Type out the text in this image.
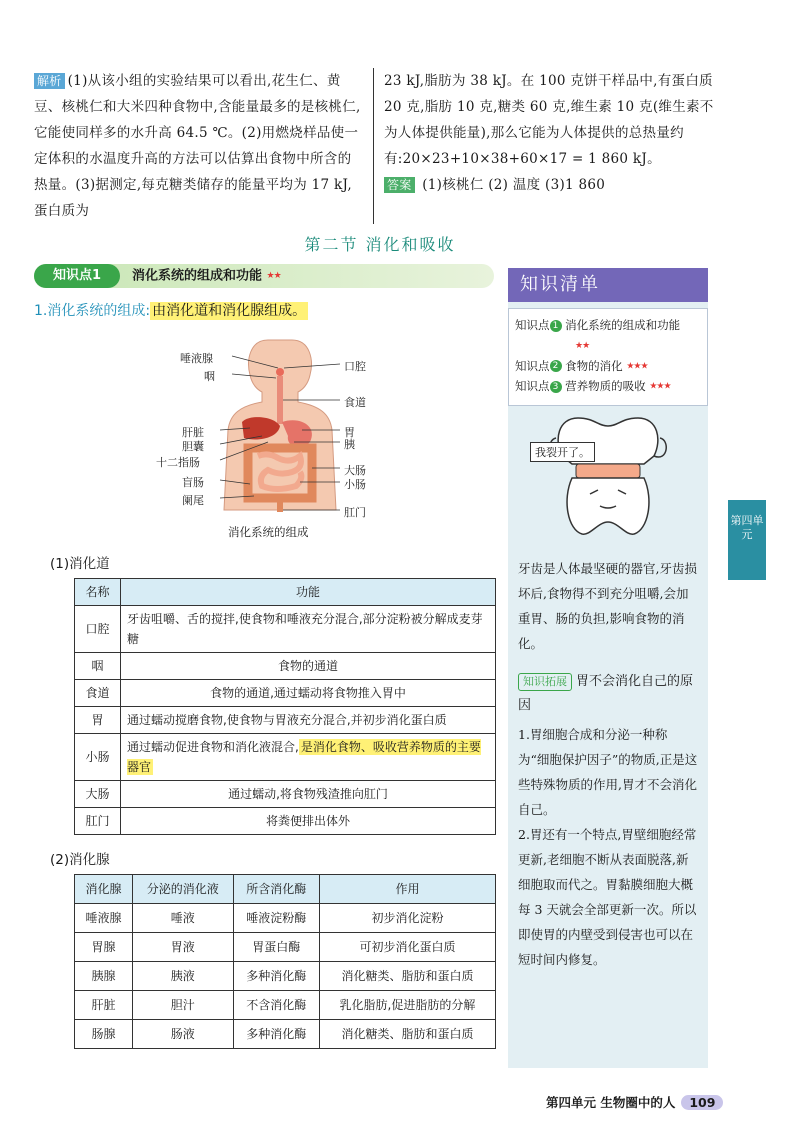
解析 (1)从该小组的实验结果可以看出,花生仁、黄豆、核桃仁和大米四种食物中,含能量最多的是核桃仁,它能使同样多的水升高 64.5 ℃。(2)用燃烧样品使一定体积的水温度升高的方法可以估算出食物中所含的热量。(3)据测定,每克糖类储存的能量平均为 17 kJ,蛋白质为
23 kJ,脂肪为 38 kJ。在 100 克饼干样品中,有蛋白质 20 克,脂肪 10 克,糖类 60 克,维生素 10 克(维生素不为人体提供能量),那么它能为人体提供的总热量约有:20×23+10×38+60×17 = 1 860 kJ。
答案 (1)核桃仁 (2) 温度 (3)1 860
第二节 消化和吸收
知识点1	消化系统的组成和功能 ★★
1.消化系统的组成: 由消化道和消化腺组成。
唾液腺
咽
肝脏
胆囊
十二指肠
盲肠
阑尾
口腔
食道
胃
胰
大肠
小肠
肛门
消化系统的组成
(1)消化道
名称	功能
口腔	牙齿咀嚼、舌的搅拌,使食物和唾液充分混合,部分淀粉被分解成麦芽糖
咽	食物的通道
食道	食物的通道,通过蠕动将食物推入胃中
胃	通过蠕动搅磨食物,使食物与胃液充分混合,并初步消化蛋白质
小肠	通过蠕动促进食物和消化液混合, 是消化食物、吸收营养物质的主要器官
大肠	通过蠕动,将食物残渣推向肛门
肛门	将粪便排出体外
(2)消化腺
消化腺	分泌的消化液	所含消化酶	作用
唾液腺	唾液	唾液淀粉酶	初步消化淀粉
胃腺	胃液	胃蛋白酶	可初步消化蛋白质
胰腺	胰液	多种消化酶	消化糖类、脂肪和蛋白质
肝脏	胆汁	不含消化酶	乳化脂肪,促进脂肪的分解
肠腺	肠液	多种消化酶	消化糖类、脂肪和蛋白质
知识清单
知识点 1 消化系统的组成和功能
★★
知识点 2 食物的消化 ★★★
知识点 3 营养物质的吸收 ★★★
牙齿是人体最坚硬的器官,牙齿损坏后,食物得不到充分咀嚼,会加重胃、肠的负担,影响食物的消化。
知识拓展 胃不会消化自己的原因
1.胃细胞合成和分泌一种称为“细胞保护因子”的物质,正是这些特殊物质的作用,胃才不会消化自己。
2.胃还有一个特点,胃壁细胞经常更新,老细胞不断从表面脱落,新细胞取而代之。胃黏膜细胞大概每 3 天就会全部更新一次。所以即使胃的内壁受到侵害也可以在短时间内修复。
我裂开了。
第四单元
第四单元 生物圈中的人 109
